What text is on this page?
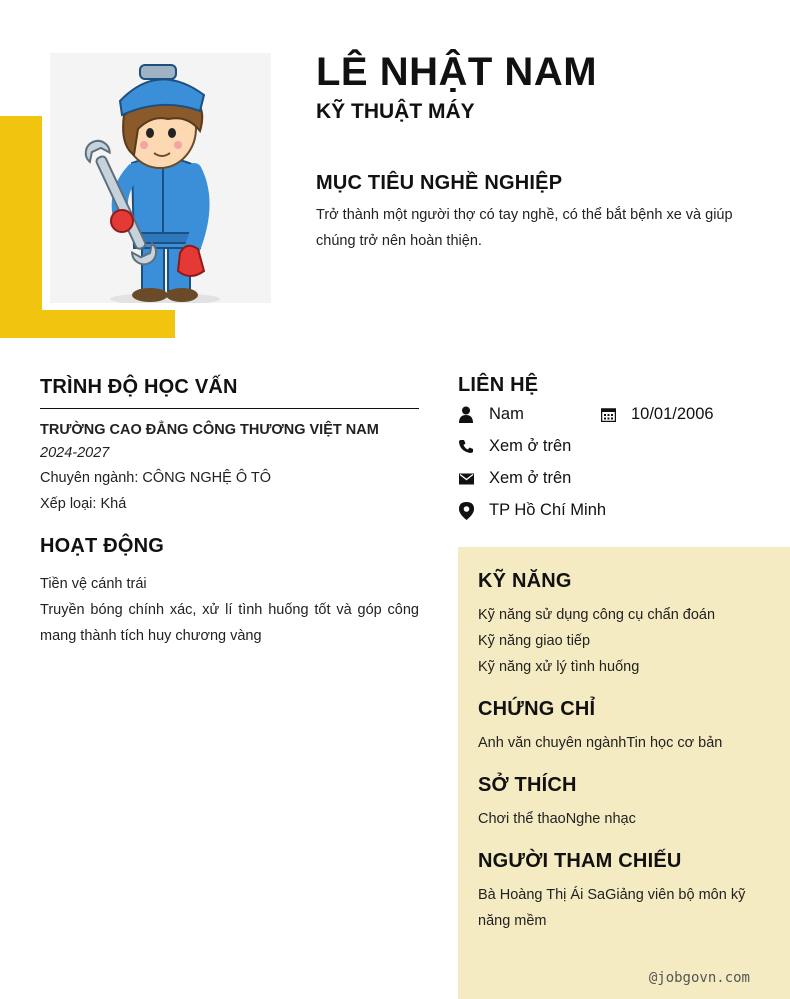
LÊ NHẬT NAM
KỸ THUẬT MÁY
MỤC TIÊU NGHỀ NGHIỆP
Trở thành một người thợ có tay nghề, có thể bắt bệnh xe và giúp chúng trở nên hoàn thiện.
TRÌNH ĐỘ HỌC VẤN
TRƯỜNG CAO ĐẲNG CÔNG THƯƠNG VIỆT NAM
2024-2027
Chuyên ngành: CÔNG NGHỆ Ô TÔ
Xếp loại: Khá
HOẠT ĐỘNG
Tiền vệ cánh trái
Truyền bóng chính xác, xử lí tình huống tốt và góp công mang thành tích huy chương vàng
LIÊN HỆ
Nam	10/01/2006
Xem ở trên
Xem ở trên
TP Hồ Chí Minh
KỸ NĂNG
Kỹ năng sử dụng công cụ chẩn đoán
Kỹ năng giao tiếp
Kỹ năng xử lý tình huống
CHỨNG CHỈ
Anh văn chuyên ngànhTin học cơ bản
SỞ THÍCH
Chơi thể thaoNghe nhạc
NGƯỜI THAM CHIẾU
Bà Hoàng Thị Ái SaGiảng viên bộ môn kỹ năng mềm
@jobgovn.com
